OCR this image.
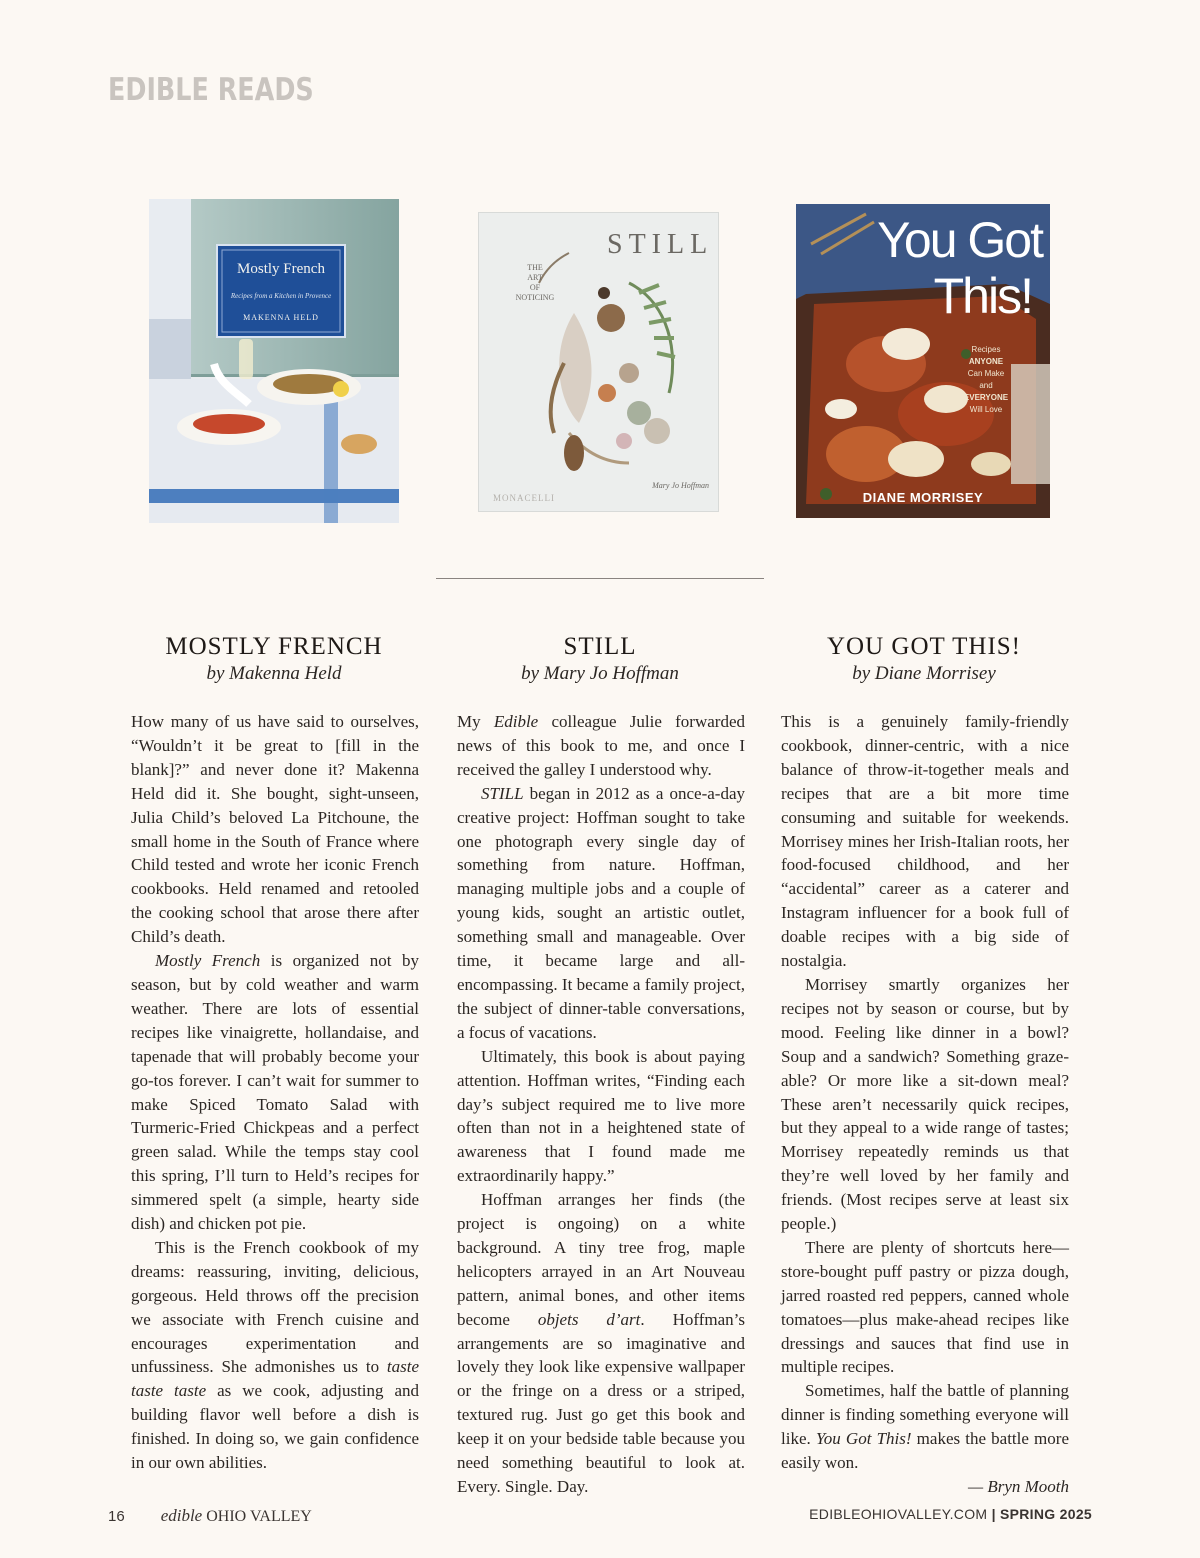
EDIBLE READS
Mostly French
Recipes from a Kitchen in Provence
MAKENNA HELD
STILL
THE
ART
OF
NOTICING
Mary Jo Hoffman
MONACELLI
You Got
This!
Recipes
ANYONE
Can Make
and
EVERYONE
Will Love
DIANE MORRISEY
MOSTLY FRENCH
by Makenna Held
STILL
by Mary Jo Hoffman
YOU GOT THIS!
by Diane Morrisey

How many of us have said to ourselves, “Wouldn’t it be great to [fill in the blank]?” and never done it? Makenna Held did it. She bought, sight-unseen, Julia Child’s beloved La Pitchoune, the small home in the South of France where Child tested and wrote her iconic French cookbooks. Held renamed and retooled the cooking school that arose there after Child’s death.

Mostly French is organized not by season, but by cold weather and warm weather. There are lots of essential recipes like vinaigrette, hollandaise, and tapenade that will probably become your go-tos forever. I can’t wait for summer to make Spiced Tomato Salad with Turmeric-Fried Chickpeas and a perfect green salad. While the temps stay cool this spring, I’ll turn to Held’s recipes for simmered spelt (a simple, hearty side dish) and chicken pot pie.

This is the French cookbook of my dreams: reassuring, inviting, delicious, gorgeous. Held throws off the precision we associate with French cuisine and encourages experimentation and unfussiness. She admonishes us to taste taste taste as we cook, adjusting and building flavor well before a dish is finished. In doing so, we gain confidence in our own abilities.

My Edible colleague Julie forwarded news of this book to me, and once I received the galley I understood why.

STILL began in 2012 as a once-a-day creative project: Hoffman sought to take one photograph every single day of something from nature. Hoffman, managing multiple jobs and a couple of young kids, sought an artistic outlet, something small and manageable. Over time, it became large and all-encompassing. It became a family project, the subject of dinner-table conversations, a focus of vacations.

Ultimately, this book is about paying attention. Hoffman writes, “Finding each day’s subject required me to live more often than not in a heightened state of awareness that I found made me extraordinarily happy.”

Hoffman arranges her finds (the project is ongoing) on a white background. A tiny tree frog, maple helicopters arrayed in an Art Nouveau pattern, animal bones, and other items become objets d’art. Hoffman’s arrangements are so imaginative and lovely they look like expensive wallpaper or the fringe on a dress or a striped, textured rug. Just go get this book and keep it on your bedside table because you need something beautiful to look at. Every. Single. Day.

This is a genuinely family-friendly cookbook, dinner-centric, with a nice balance of throw-it-together meals and recipes that are a bit more time consuming and suitable for weekends. Morrisey mines her Irish-Italian roots, her food-focused childhood, and her “accidental” career as a caterer and Instagram influencer for a book full of doable recipes with a big side of nostalgia.

Morrisey smartly organizes her recipes not by season or course, but by mood. Feeling like dinner in a bowl? Soup and a sandwich? Something graze-able? Or more like a sit-down meal? These aren’t necessarily quick recipes, but they appeal to a wide range of tastes; Morrisey repeatedly reminds us that they’re well loved by her family and friends. (Most recipes serve at least six people.)

There are plenty of shortcuts here—store-bought puff pastry or pizza dough, jarred roasted red peppers, canned whole tomatoes—plus make-ahead recipes like dressings and sauces that find use in multiple recipes.

Sometimes, half the battle of planning dinner is finding something everyone will like. You Got This! makes the battle more easily won.

— Bryn Mooth
16 edible OHIO VALLEY	EDIBLEOHIOVALLEY.COM | SPRING 2025
